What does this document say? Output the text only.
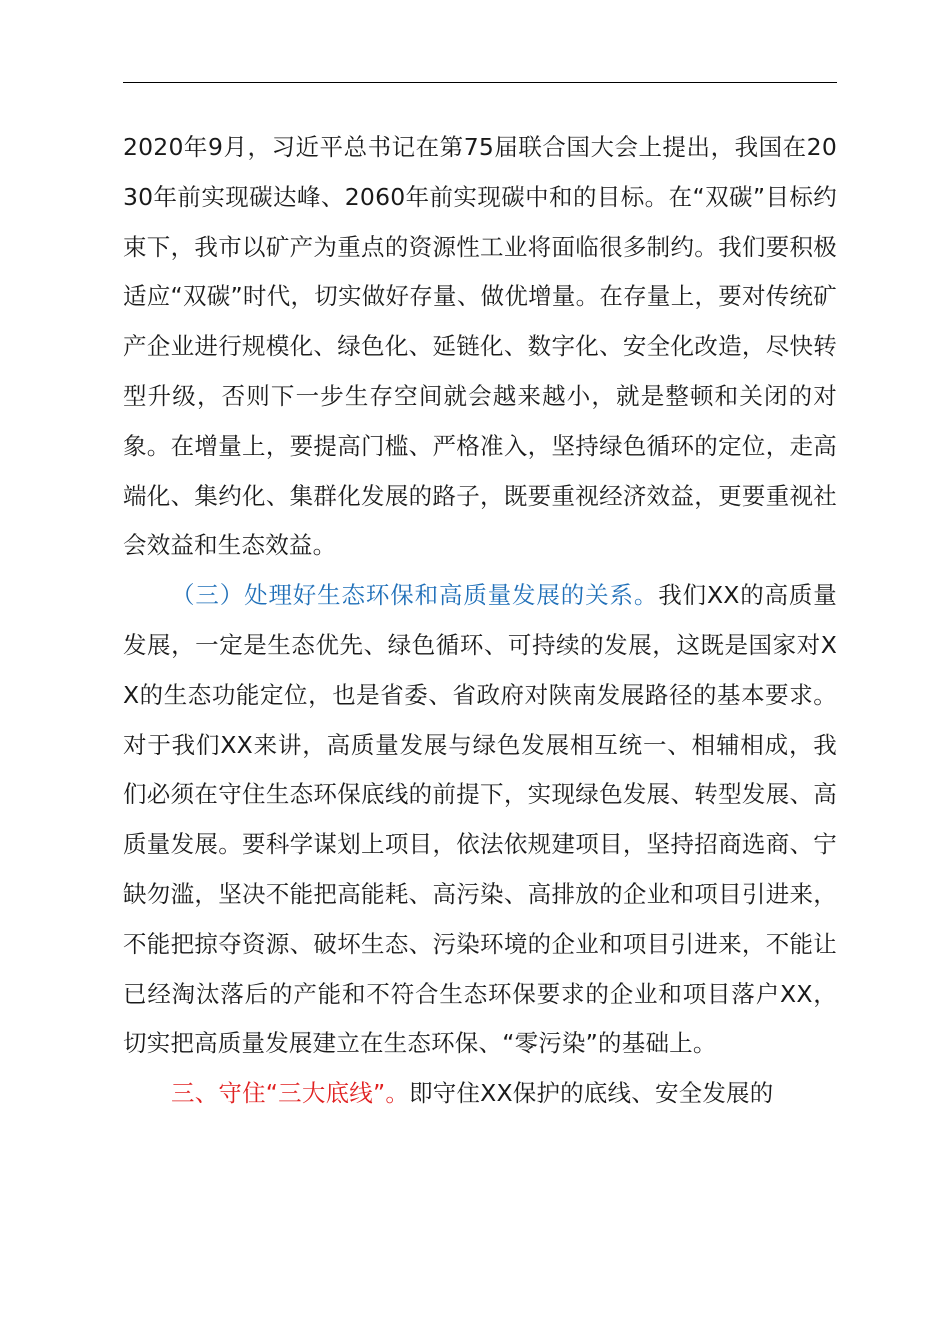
2020年9月，习近平总书记在第75届联合国大会上提出，我国在2030年前实现碳达峰、2060年前实现碳中和的目标。在“双碳”目标约束下，我市以矿产为重点的资源性工业将面临很多制约。我们要积极适应“双碳”时代，切实做好存量、做优增量。在存量上，要对传统矿产企业进行规模化、绿色化、延链化、数字化、安全化改造，尽快转型升级，否则下一步生存空间就会越来越小，就是整顿和关闭的对象。在增量上，要提高门槛、严格准入，坚持绿色循环的定位，走高端化、集约化、集群化发展的路子，既要重视经济效益，更要重视社会效益和生态效益。

（三）处理好生态环保和高质量发展的关系。我们XX的高质量发展，一定是生态优先、绿色循环、可持续的发展，这既是国家对XX的生态功能定位，也是省委、省政府对陕南发展路径的基本要求。对于我们XX来讲，高质量发展与绿色发展相互统一、相辅相成，我们必须在守住生态环保底线的前提下，实现绿色发展、转型发展、高质量发展。要科学谋划上项目，依法依规建项目，坚持招商选商、宁缺勿滥，坚决不能把高能耗、高污染、高排放的企业和项目引进来，不能把掠夺资源、破坏生态、污染环境的企业和项目引进来，不能让已经淘汰落后的产能和不符合生态环保要求的企业和项目落户XX，切实把高质量发展建立在生态环保、“零污染”的基础上。

三、守住“三大底线”。即守住XX保护的底线、安全发展的
